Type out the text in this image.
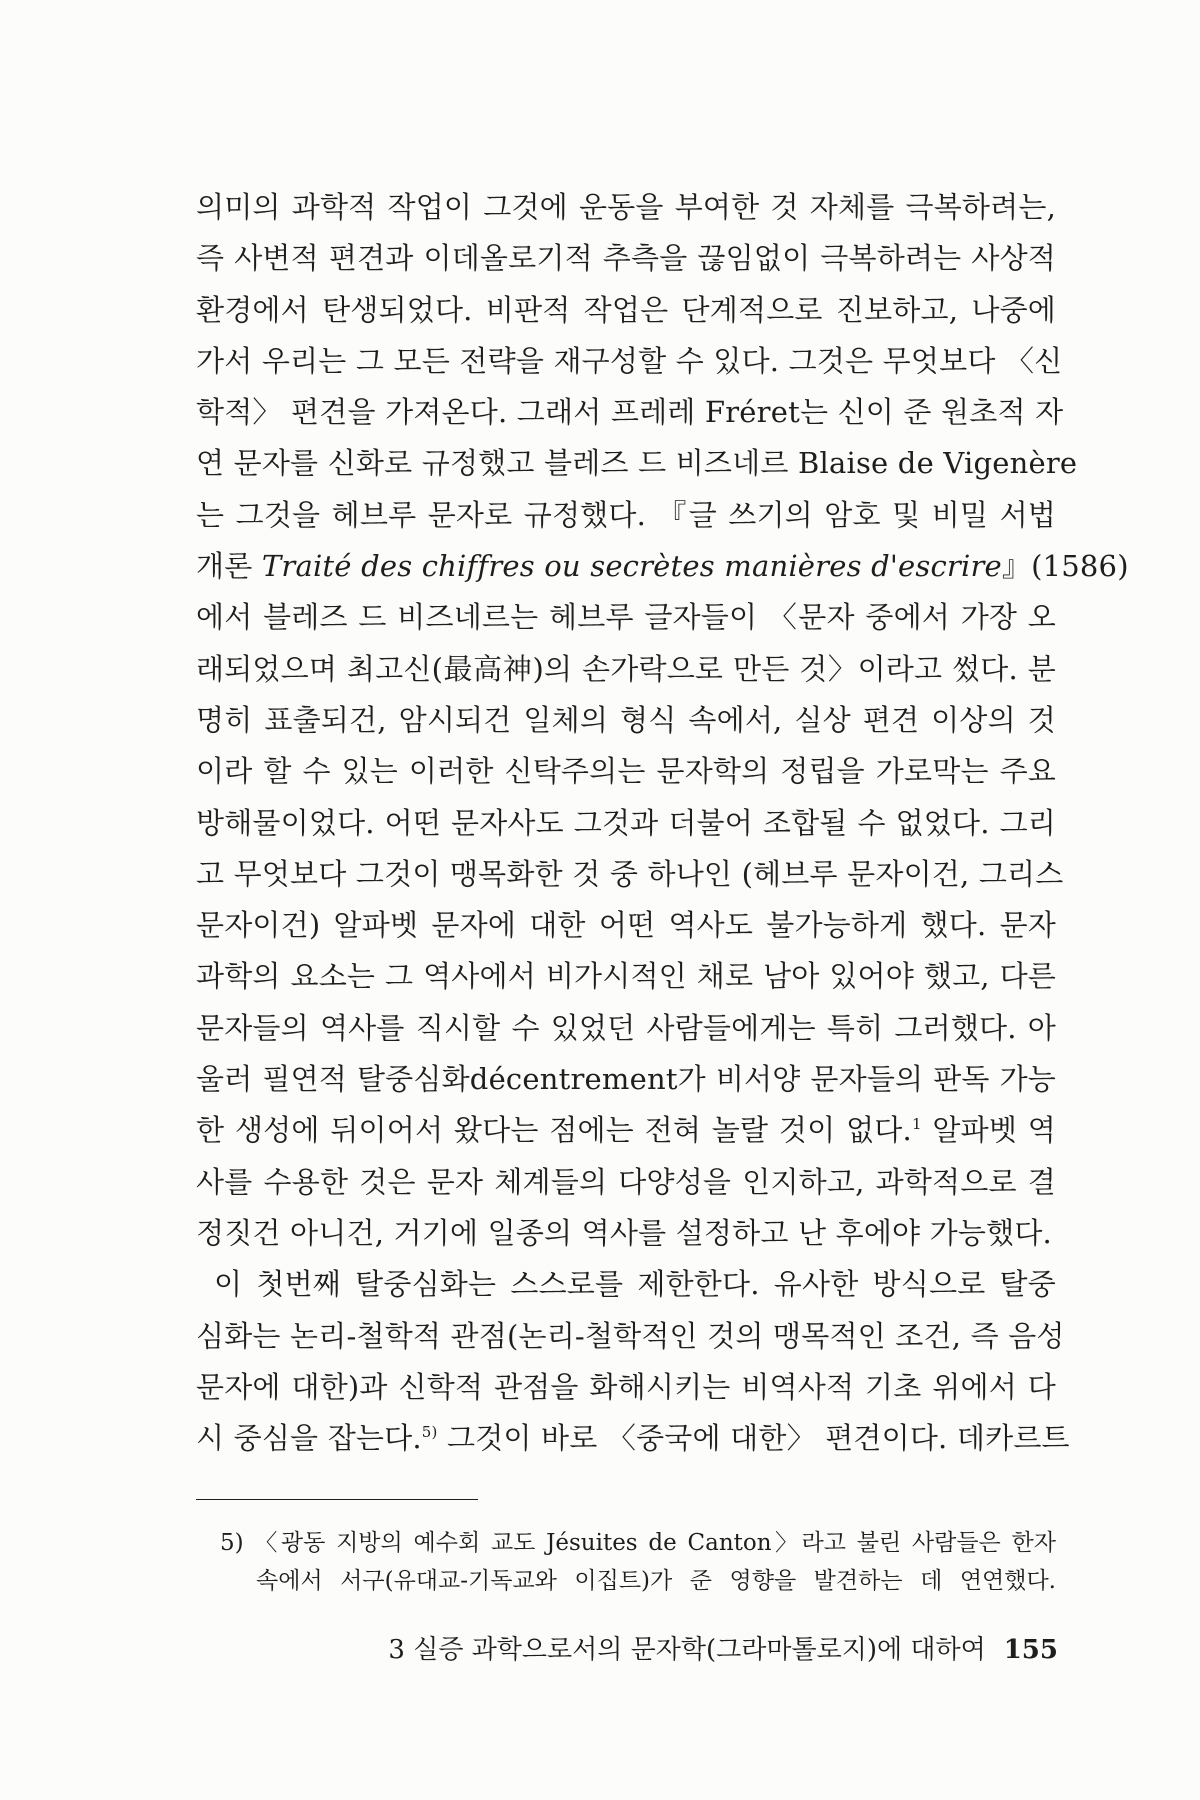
의미의 과학적 작업이 그것에 운동을 부여한 것 자체를 극복하려는,
즉 사변적 편견과 이데올로기적 추측을 끊임없이 극복하려는 사상적
환경에서 탄생되었다. 비판적 작업은 단계적으로 진보하고, 나중에
가서 우리는 그 모든 전략을 재구성할 수 있다. 그것은 무엇보다 〈신
학적〉 편견을 가져온다. 그래서 프레레 Fréret는 신이 준 원초적 자
연 문자를 신화로 규정했고 블레즈 드 비즈네르 Blaise de Vigenère
는 그것을 헤브루 문자로 규정했다. 『글 쓰기의 암호 및 비밀 서법
개론 Traité des chiffres ou secrètes manières d'escrire』(1586)
에서 블레즈 드 비즈네르는 헤브루 글자들이 〈문자 중에서 가장 오
래되었으며 최고신(最高神)의 손가락으로 만든 것〉이라고 썼다. 분
명히 표출되건, 암시되건 일체의 형식 속에서, 실상 편견 이상의 것
이라 할 수 있는 이러한 신탁주의는 문자학의 정립을 가로막는 주요
방해물이었다. 어떤 문자사도 그것과 더불어 조합될 수 없었다. 그리
고 무엇보다 그것이 맹목화한 것 중 하나인 (헤브루 문자이건, 그리스
문자이건) 알파벳 문자에 대한 어떤 역사도 불가능하게 했다. 문자
과학의 요소는 그 역사에서 비가시적인 채로 남아 있어야 했고, 다른
문자들의 역사를 직시할 수 있었던 사람들에게는 특히 그러했다. 아
울러 필연적 탈중심화décentrement가 비서양 문자들의 판독 가능
한 생성에 뒤이어서 왔다는 점에는 전혀 놀랄 것이 없다.$^1$ 알파벳 역
사를 수용한 것은 문자 체계들의 다양성을 인지하고, 과학적으로 결
정짓건 아니건, 거기에 일종의 역사를 설정하고 난 후에야 가능했다.
이 첫번째 탈중심화는 스스로를 제한한다. 유사한 방식으로 탈중
심화는 논리-철학적 관점(논리-철학적인 것의 맹목적인 조건, 즉 음성
문자에 대한)과 신학적 관점을 화해시키는 비역사적 기초 위에서 다
시 중심을 잡는다.$^{5)}$ 그것이 바로 〈중국에 대한〉 편견이다. 데카르트
5) 〈광동 지방의 예수회 교도 Jésuites de Canton〉라고 불린 사람들은 한자
속에서 서구(유대교-기독교와 이집트)가 준 영향을 발견하는 데 연연했다.
3 실증 과학으로서의 문자학(그라마톨로지)에 대하여 155
